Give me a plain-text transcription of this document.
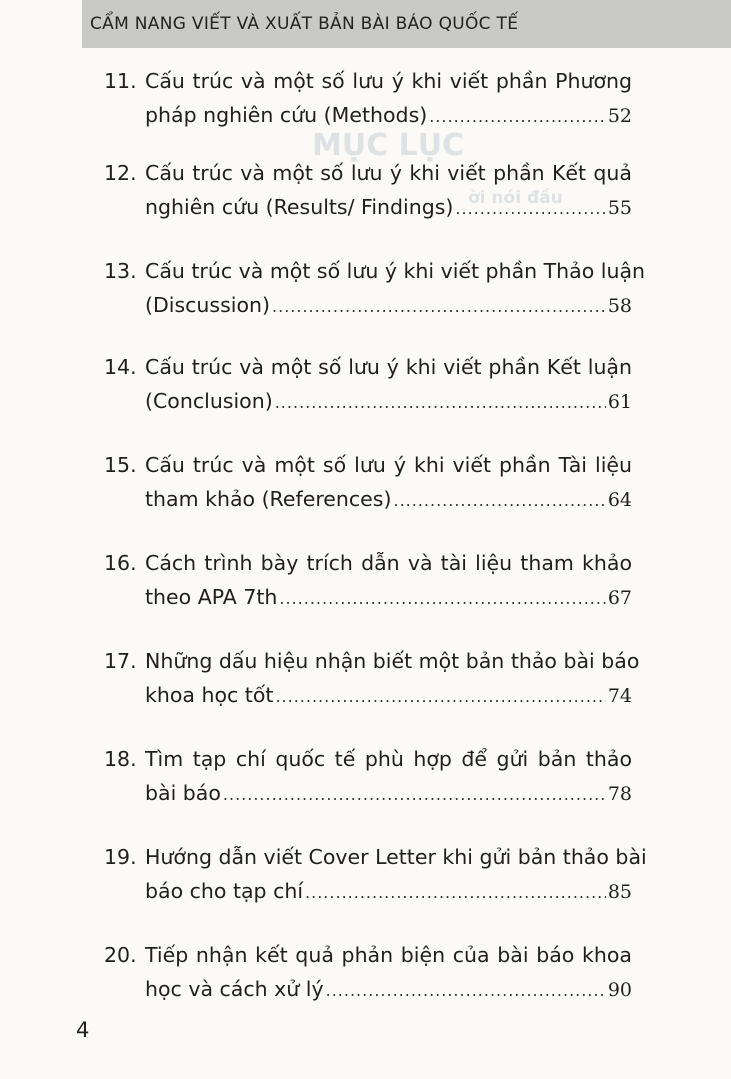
MỤC LỤC
ời nói đầu
CẨM NANG VIẾT VÀ XUẤT BẢN BÀI BÁO QUỐC TẾ
11. Cấu trúc và một số lưu ý khi viết phần Phương
pháp nghiên cứu (Methods) .....	52
12. Cấu trúc và một số lưu ý khi viết phần Kết quả
nghiên cứu (Results/ Findings) .....	55
13. Cấu trúc và một số lưu ý khi viết phần Thảo luận
(Discussion) .....	58
14. Cấu trúc và một số lưu ý khi viết phần Kết luận
(Conclusion) .....	61
15. Cấu trúc và một số lưu ý khi viết phần Tài liệu
tham khảo (References) .....	64
16. Cách trình bày trích dẫn và tài liệu tham khảo
theo APA 7th .....	67
17. Những dấu hiệu nhận biết một bản thảo bài báo
khoa học tốt .....	74
18. Tìm tạp chí quốc tế phù hợp để gửi bản thảo
bài báo .....	78
19. Hướng dẫn viết Cover Letter khi gửi bản thảo bài
báo cho tạp chí .....	85
20. Tiếp nhận kết quả phản biện của bài báo khoa
học và cách xử lý .....	90
4
